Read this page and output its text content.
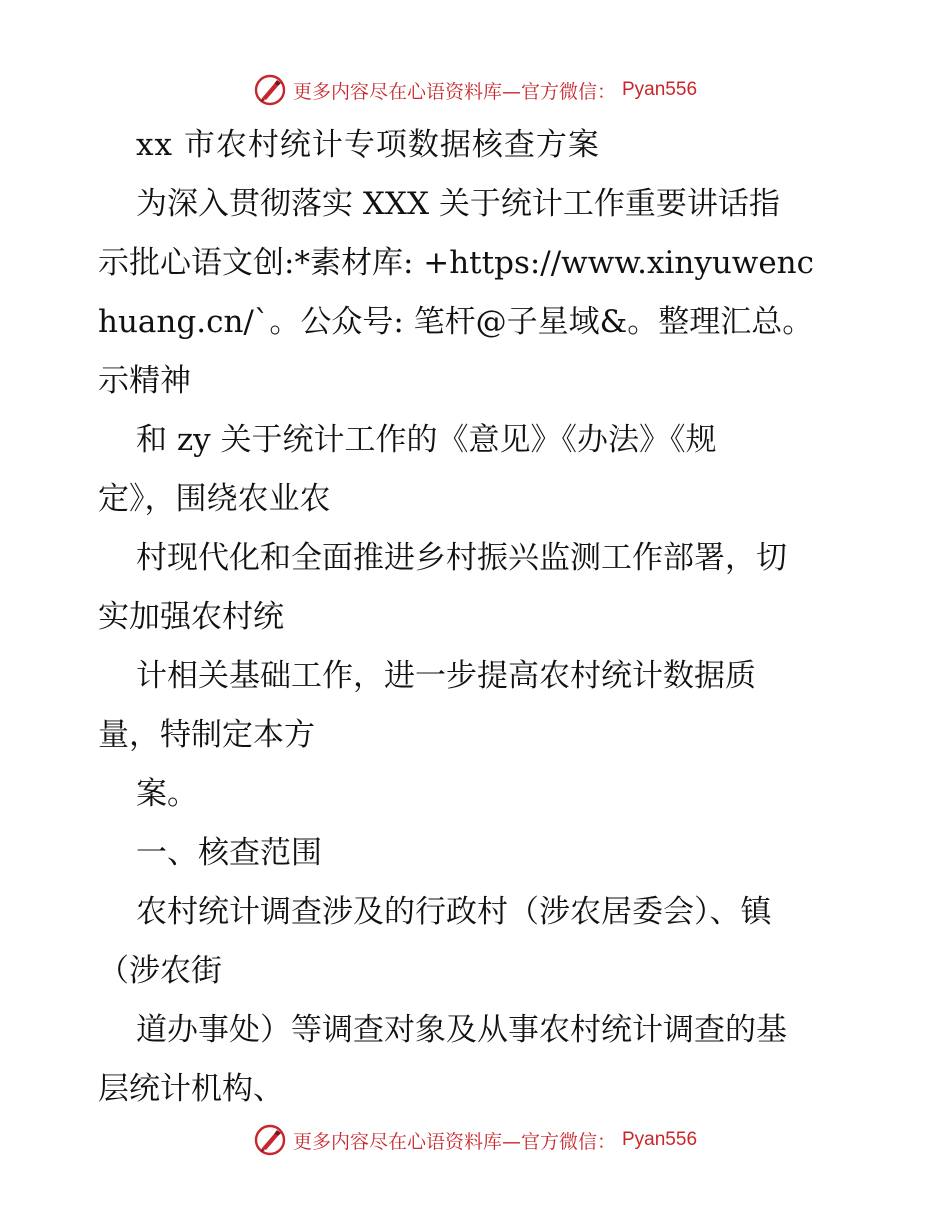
更多内容尽在心语资料库—官方微信： Pyan556
xx 市农村统计专项数据核查方案
为深入贯彻落实 XXX 关于统计工作重要讲话指
示批心语文创:*素材库: +https://www.xinyuwenc
huang.cn/`。公众号: 笔杆@子星域&。整理汇总。
示精神
和 zy 关于统计工作的《意见》《办法》《规
定》，围绕农业农
村现代化和全面推进乡村振兴监测工作部署，切
实加强农村统
计相关基础工作，进一步提高农村统计数据质
量，特制定本方
案。
一、核查范围
农村统计调查涉及的行政村（涉农居委会）、镇
（涉农街
道办事处）等调查对象及从事农村统计调查的基
层统计机构、
更多内容尽在心语资料库—官方微信： Pyan556
